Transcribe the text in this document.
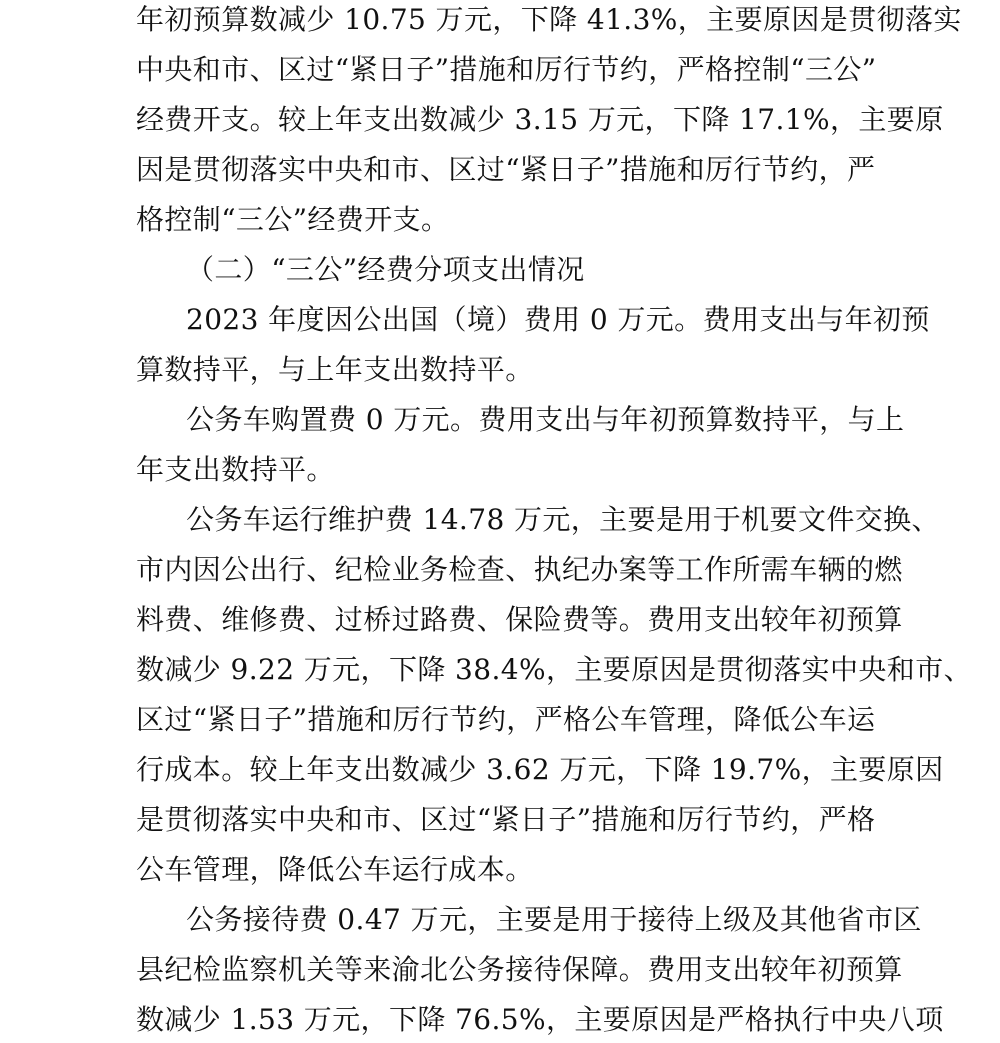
年初预算数减少 10.75 万元，下降 41.3%，主要原因是贯彻落实
中央和市、区过“紧日子”措施和厉行节约，严格控制“三公”
经费开支。较上年支出数减少 3.15 万元，下降 17.1%，主要原
因是贯彻落实中央和市、区过“紧日子”措施和厉行节约，严
格控制“三公”经费开支。
（二）“三公”经费分项支出情况
2023 年度因公出国（境）费用 0 万元。费用支出与年初预
算数持平，与上年支出数持平。
公务车购置费 0 万元。费用支出与年初预算数持平，与上
年支出数持平。
公务车运行维护费 14.78 万元，主要是用于机要文件交换、
市内因公出行、纪检业务检查、执纪办案等工作所需车辆的燃
料费、维修费、过桥过路费、保险费等。费用支出较年初预算
数减少 9.22 万元，下降 38.4%，主要原因是贯彻落实中央和市、
区过“紧日子”措施和厉行节约，严格公车管理，降低公车运
行成本。较上年支出数减少 3.62 万元，下降 19.7%，主要原因
是贯彻落实中央和市、区过“紧日子”措施和厉行节约，严格
公车管理，降低公车运行成本。
公务接待费 0.47 万元，主要是用于接待上级及其他省市区
县纪检监察机关等来渝北公务接待保障。费用支出较年初预算
数减少 1.53 万元，下降 76.5%，主要原因是严格执行中央八项
